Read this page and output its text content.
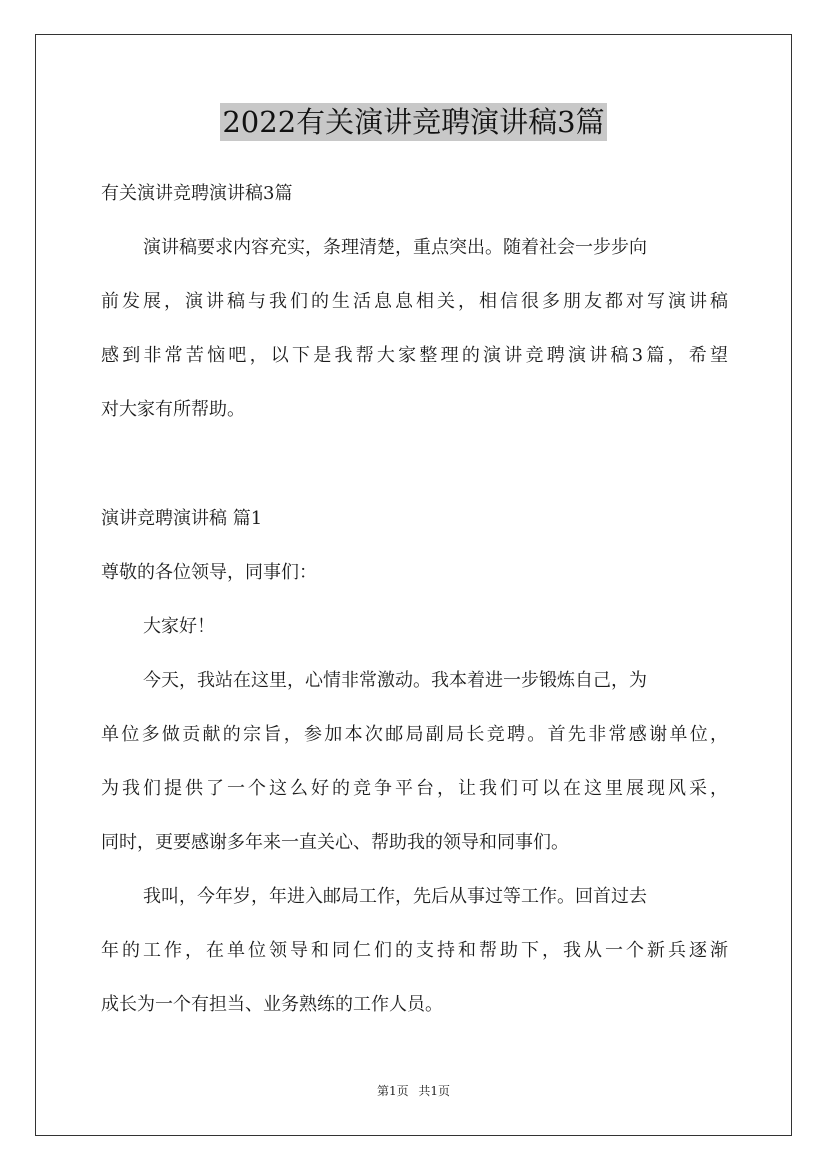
2022有关演讲竞聘演讲稿3篇
有关演讲竞聘演讲稿3篇
演讲稿要求内容充实，条理清楚，重点突出。随着社会一步步向
前发展，演讲稿与我们的生活息息相关，相信很多朋友都对写演讲稿
感到非常苦恼吧，以下是我帮大家整理的演讲竞聘演讲稿3篇，希望
对大家有所帮助。
演讲竞聘演讲稿 篇1
尊敬的各位领导，同事们：
大家好！
今天，我站在这里，心情非常激动。我本着进一步锻炼自己，为
单位多做贡献的宗旨，参加本次邮局副局长竞聘。首先非常感谢单位，
为我们提供了一个这么好的竞争平台，让我们可以在这里展现风采，
同时，更要感谢多年来一直关心、帮助我的领导和同事们。
我叫，今年岁，年进入邮局工作，先后从事过等工作。回首过去
年的工作，在单位领导和同仁们的支持和帮助下，我从一个新兵逐渐
成长为一个有担当、业务熟练的工作人员。
第1页 共1页
